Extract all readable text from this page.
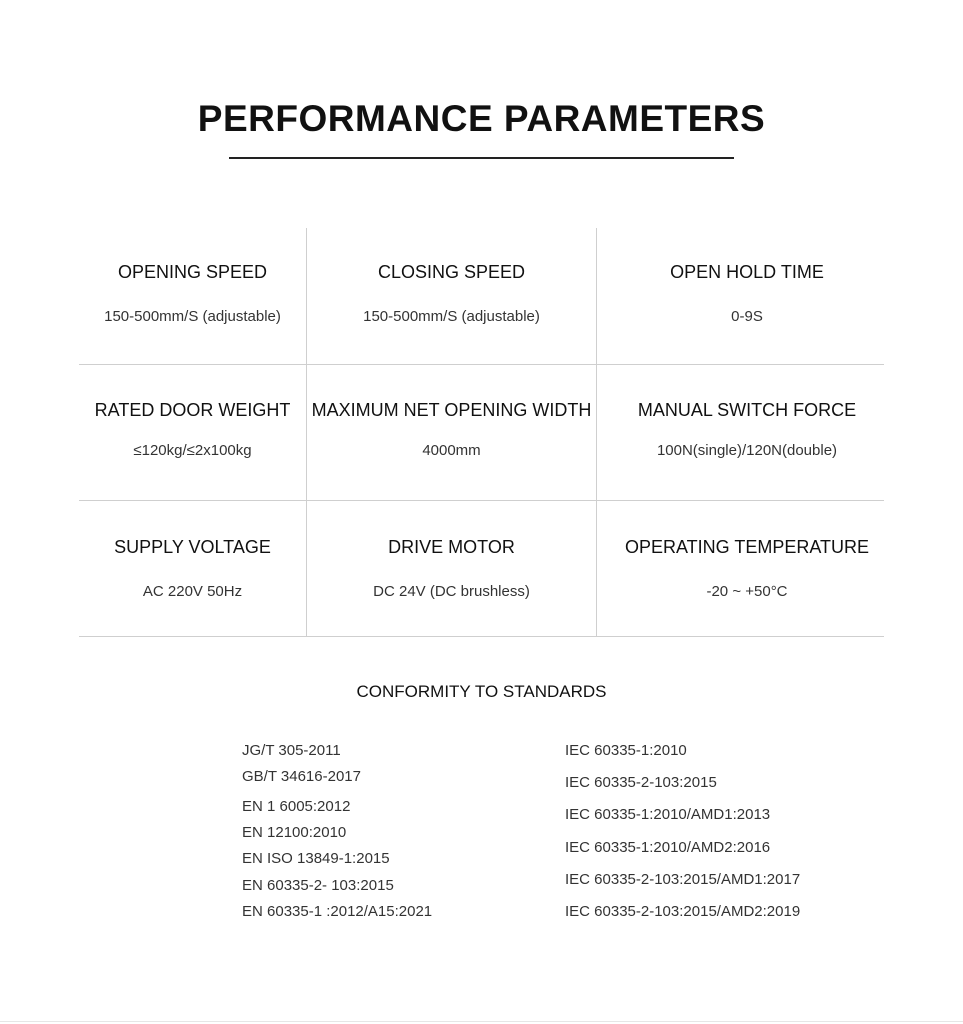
PERFORMANCE PARAMETERS
OPENING SPEED
150-500mm/S (adjustable)
CLOSING SPEED
150-500mm/S (adjustable)
OPEN HOLD TIME
0-9S
RATED DOOR WEIGHT
≤120kg/≤2x100kg
MAXIMUM NET OPENING WIDTH
4000mm
MANUAL SWITCH FORCE
100N(single)/120N(double)
SUPPLY VOLTAGE
AC 220V 50Hz
DRIVE MOTOR
DC 24V (DC brushless)
OPERATING TEMPERATURE
-20 ~ +50°C
CONFORMITY TO STANDARDS
JG/T 305-2011
GB/T 34616-2017
EN 1 6005:2012
EN 12100:2010
EN ISO 13849-1:2015
EN 60335-2- 103:2015
EN 60335-1 :2012/A15:2021
IEC 60335-1:2010
IEC 60335-2-103:2015
IEC 60335-1:2010/AMD1:2013
IEC 60335-1:2010/AMD2:2016
IEC 60335-2-103:2015/AMD1:2017
IEC 60335-2-103:2015/AMD2:2019
